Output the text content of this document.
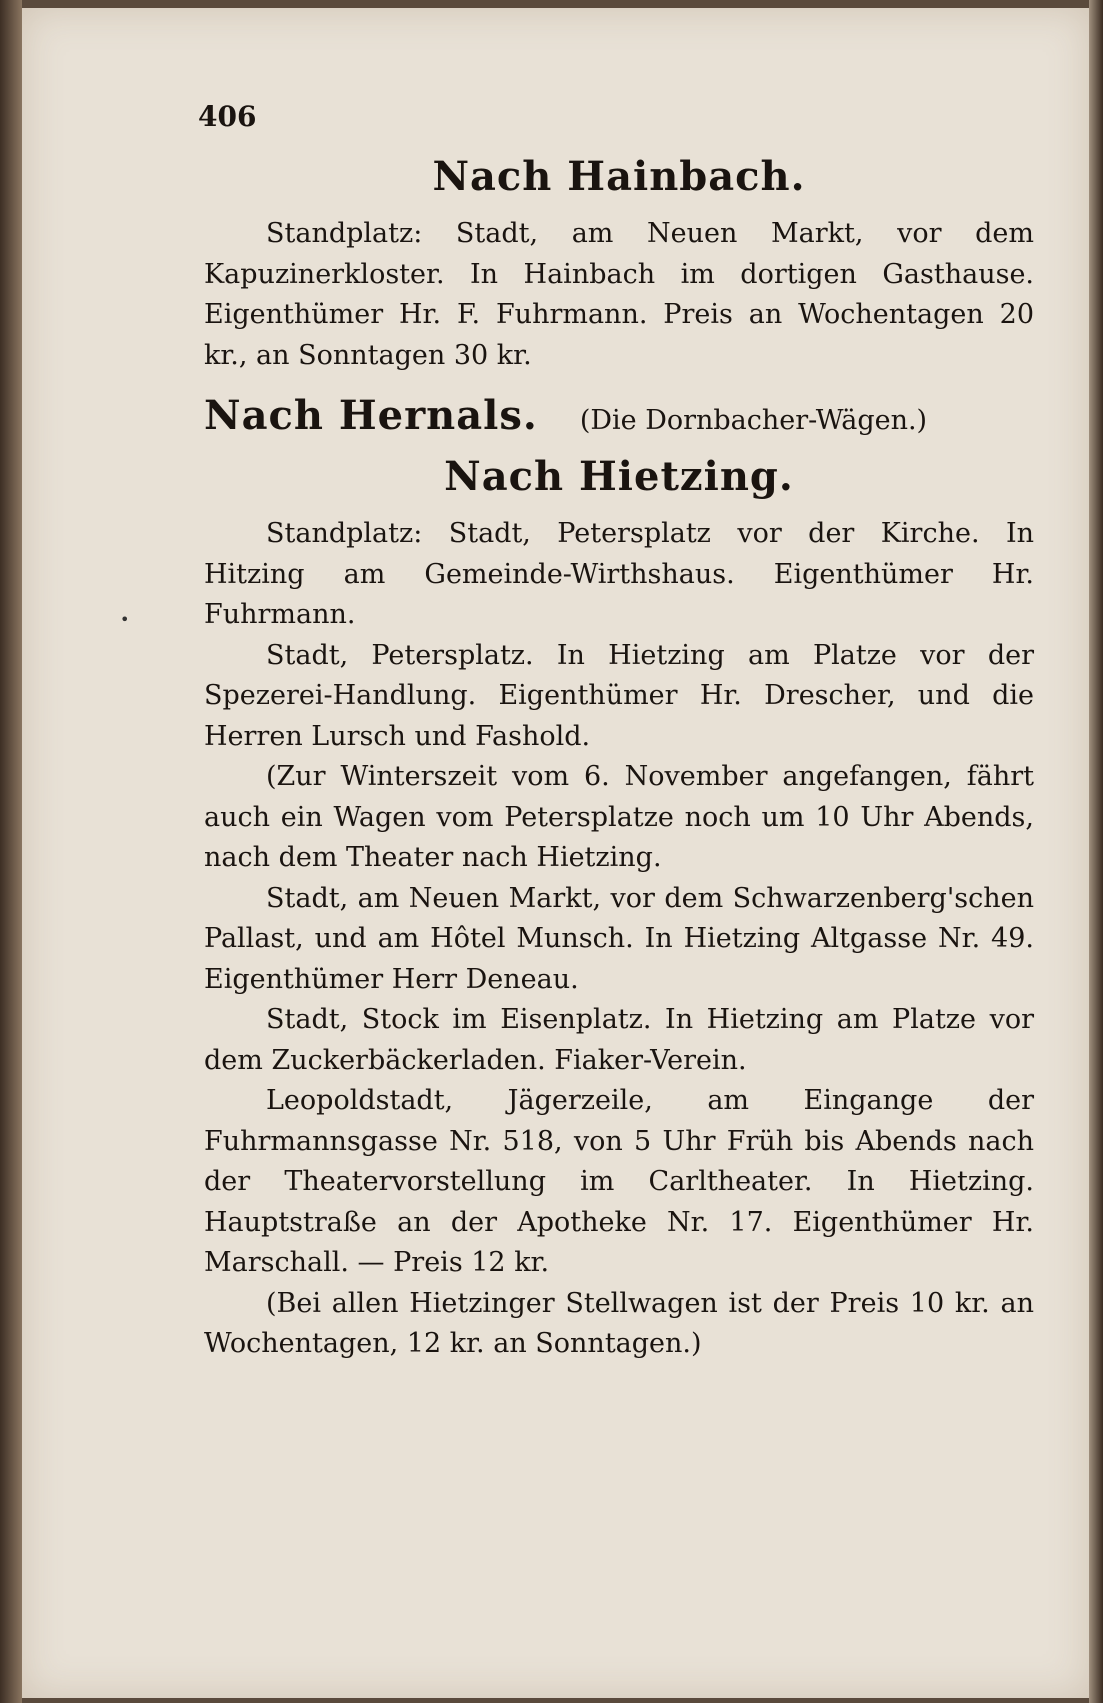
•
406
Nach Hainbach.

Standplatz: Stadt, am Neuen Markt, vor dem Kapuzinerkloster. In Hainbach im dortigen Gasthause. Eigenthümer Hr. F. Fuhrmann. Preis an Wochentagen 20 kr., an Sonntagen 30 kr.

Nach Hernals. (Die Dornbacher-Wägen.)
Nach Hietzing.

Standplatz: Stadt, Petersplatz vor der Kirche. In Hitzing am Gemeinde-Wirthshaus. Eigenthümer Hr. Fuhrmann.

Stadt, Petersplatz. In Hietzing am Platze vor der Spezerei-Handlung. Eigenthümer Hr. Drescher, und die Herren Lursch und Fashold.

(Zur Winterszeit vom 6. November angefangen, fährt auch ein Wagen vom Petersplatze noch um 10 Uhr Abends, nach dem Theater nach Hietzing.

Stadt, am Neuen Markt, vor dem Schwarzenberg'schen Pallast, und am Hôtel Munsch. In Hietzing Altgasse Nr. 49. Eigenthümer Herr Deneau.

Stadt, Stock im Eisenplatz. In Hietzing am Platze vor dem Zuckerbäckerladen. Fiaker-Verein.

Leopoldstadt, Jägerzeile, am Eingange der Fuhrmannsgasse Nr. 518, von 5 Uhr Früh bis Abends nach der Theatervorstellung im Carltheater. In Hietzing. Hauptstraße an der Apotheke Nr. 17. Eigenthümer Hr. Marschall. — Preis 12 kr.

(Bei allen Hietzinger Stellwagen ist der Preis 10 kr. an Wochentagen, 12 kr. an Sonntagen.)
